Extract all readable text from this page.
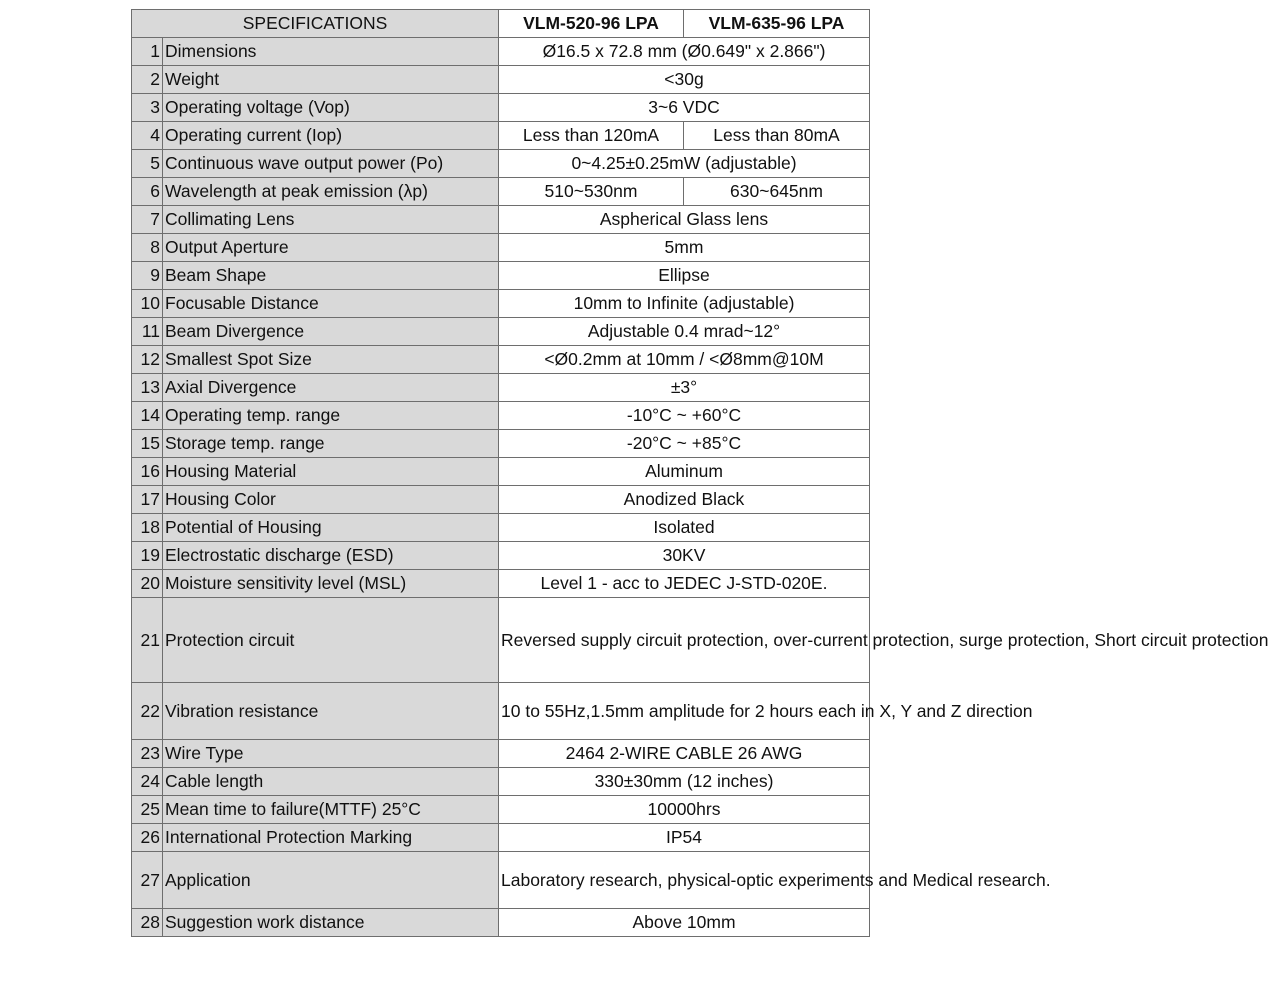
SPECIFICATIONS		VLM-520-96 LPA	VLM-635-96 LPA
1	Dimensions	Ø16.5 x 72.8 mm (Ø0.649" x 2.866")	
2	Weight	<30g	
3	Operating voltage (Vop)	3~6 VDC	
4	Operating current (Iop)	Less than 120mA	Less than 80mA
5	Continuous wave output power (Po)	0~4.25±0.25mW (adjustable)	
6	Wavelength at peak emission (λp)	510~530nm	630~645nm
7	Collimating Lens	Aspherical Glass lens	
8	Output Aperture	5mm	
9	Beam Shape	Ellipse	
10	Focusable Distance	10mm to Infinite (adjustable)	
11	Beam Divergence	Adjustable 0.4 mrad~12°	
12	Smallest Spot Size	<Ø0.2mm at 10mm / <Ø8mm@10M	
13	Axial Divergence	±3°	
14	Operating temp. range	-10°C ~ +60°C	
15	Storage temp. range	-20°C ~ +85°C	
16	Housing Material	Aluminum	
17	Housing Color	Anodized Black	
18	Potential of Housing	Isolated	
19	Electrostatic discharge (ESD)	30KV	
20	Moisture sensitivity level (MSL)	Level 1 - acc to JEDEC J-STD-020E.	
21	Protection circuit	Reversed supply circuit protection, over-current protection, surge protection, Short circuit protection	
22	Vibration resistance	10 to 55Hz,1.5mm amplitude for 2 hours each in X, Y and Z direction	
23	Wire Type	2464 2-WIRE CABLE 26 AWG	
24	Cable length	330±30mm (12 inches)	
25	Mean time to failure(MTTF) 25°C	10000hrs	
26	International Protection Marking	IP54	
27	Application	Laboratory research, physical-optic experiments and Medical research.	
28	Suggestion work distance	Above 10mm	
